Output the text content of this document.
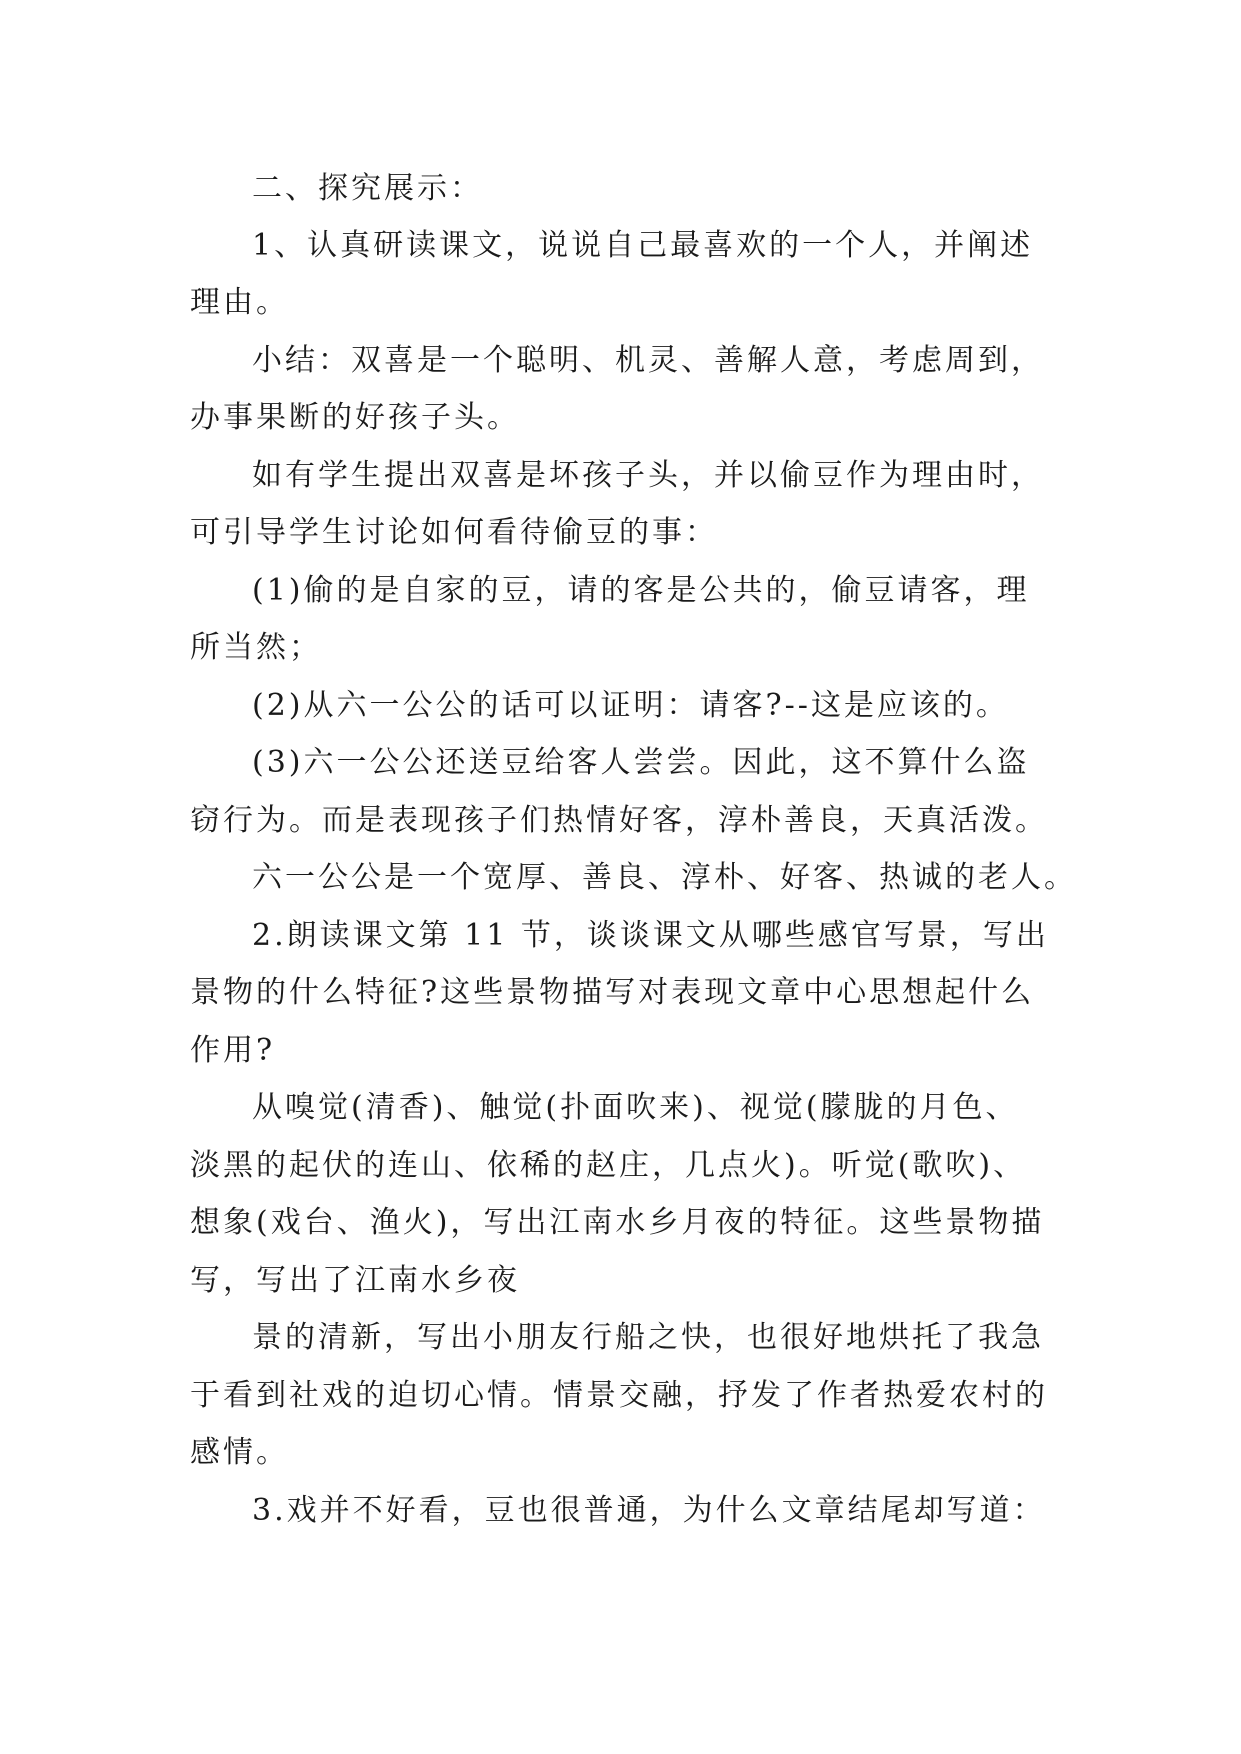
二、探究展示：
1、认真研读课文，说说自己最喜欢的一个人，并阐述
理由。
小结：双喜是一个聪明、机灵、善解人意，考虑周到，
办事果断的好孩子头。
如有学生提出双喜是坏孩子头，并以偷豆作为理由时，
可引导学生讨论如何看待偷豆的事：
(1)偷的是自家的豆，请的客是公共的，偷豆请客，理
所当然；
(2)从六一公公的话可以证明：请客?--这是应该的。
(3)六一公公还送豆给客人尝尝。因此，这不算什么盗
窃行为。而是表现孩子们热情好客，淳朴善良，天真活泼。
六一公公是一个宽厚、善良、淳朴、好客、热诚的老人。
2.朗读课文第 11 节，谈谈课文从哪些感官写景，写出
景物的什么特征?这些景物描写对表现文章中心思想起什么
作用?
从嗅觉(清香)、触觉(扑面吹来)、视觉(朦胧的月色、
淡黑的起伏的连山、依稀的赵庄，几点火)。听觉(歌吹)、
想象(戏台、渔火)，写出江南水乡月夜的特征。这些景物描
写，写出了江南水乡夜
景的清新，写出小朋友行船之快，也很好地烘托了我急
于看到社戏的迫切心情。情景交融，抒发了作者热爱农村的
感情。
3.戏并不好看，豆也很普通，为什么文章结尾却写道：
